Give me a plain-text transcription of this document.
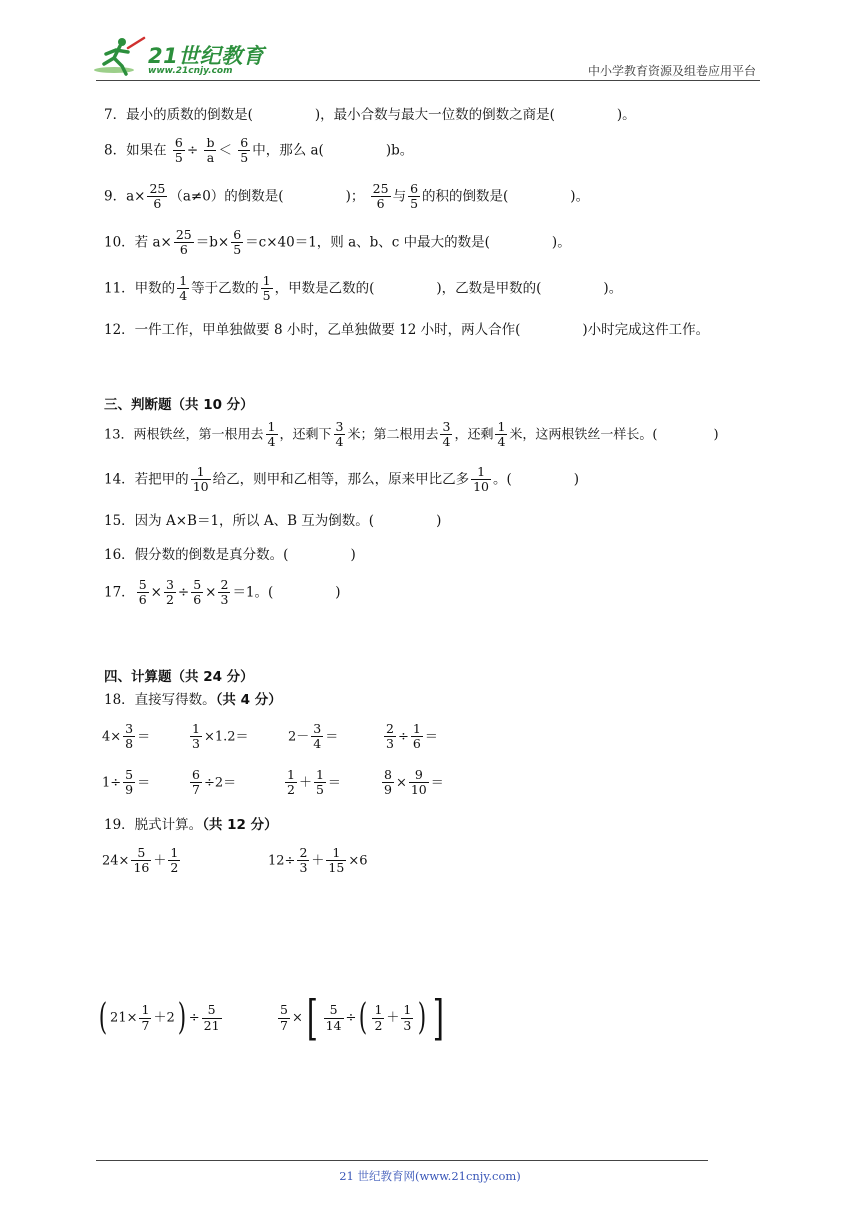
21世纪教育
www.21cnjy.com	中小学教育资源及组卷应用平台
7．最小的质数的倒数是(	)，最小合数与最大一位数的倒数之商是(	)。
8．如果在 $\frac{6}{5} \div \frac{b}{a} < \frac{6}{5}$ 中，那么 a(	)b。
9．$a\times \frac{25}{6} (a\ne 0)$的倒数是(	)； $\frac{25}{6}$ 与 $\frac{6}{5}$ 的积的倒数是(	)。
10．若 $a\times \frac{25}{6} =b\times \frac{6}{5} =c\times 40=1$，则 a、b、c 中最大的数是(	)。
11．甲数的 $\frac{1}{4}$ 等于乙数的 $\frac{1}{5}$ ，甲数是乙数的(	)，乙数是甲数的(	)。
12．一件工作，甲单独做要 8 小时，乙单独做要 12 小时，两人合作(	)小时完成这件工作。
三、判断题（共 10 分）
13．两根铁丝，第一根用去 $\frac{1}{4}$ ，还剩下 $\frac{3}{4}$ 米；第二根用去 $\frac{3}{4}$ ，还剩 $\frac{1}{4}$ 米，这两根铁丝一样长。(	)
14．若把甲的 $\frac{1}{10}$ 给乙，则甲和乙相等，那么，原来甲比乙多 $\frac{1}{10}$ 。(	)
15．因为 A×B＝1，所以 A、B 互为倒数。(	)
16．假分数的倒数是真分数。(	)
17． $\frac{5}{6} \times \frac{3}{2} \div \frac{5}{6} \times \frac{2}{3} =1$。(	)
四、计算题（共 24 分）
18．直接写得数。（共 4 分）
$4\times \frac{3}{8}$ ＝	$\frac{1}{3} \times 1.2=$	$2- \frac{3}{4}$ ＝	$\frac{2}{3} \div \frac{1}{6}$ ＝
$1\div \frac{5}{9}$ ＝	$\frac{6}{7} \div 2=$	$\frac{1}{2} + \frac{1}{5}$ ＝	$\frac{8}{9} \times \frac{9}{10}$ ＝
19．脱式计算。（共 12 分）
$24\times \frac{5}{16} + \frac{1}{2}$	$12\div \frac{2}{3} + \frac{1}{15} \times 6$
( $21\times \frac{1}{7} +2) \div \frac{5}{21}$	$\frac{5}{7}$ ×[ $\frac{5}{14}$ ÷( $\frac{1}{2} + \frac{1}{3}$ ) ]
21 世纪教育网(www.21cnjy.com)
